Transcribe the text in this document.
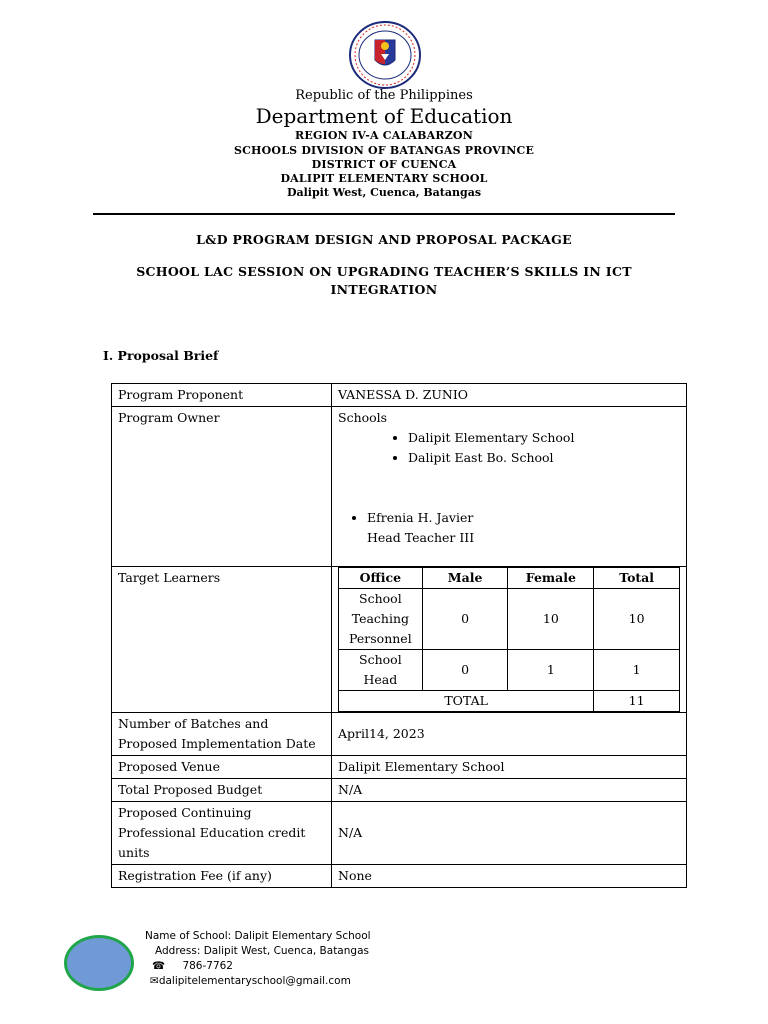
Republic of the Philippines
Department of Education
REGION IV-A CALABARZON
SCHOOLS DIVISION OF BATANGAS PROVINCE
DISTRICT OF CUENCA
DALIPIT ELEMENTARY SCHOOL
Dalipit West, Cuenca, Batangas
L&D PROGRAM DESIGN AND PROPOSAL PACKAGE
SCHOOL LAC SESSION ON UPGRADING TEACHER’S SKILLS IN ICT
INTEGRATION
I. Proposal Brief
Program Proponent	VANESSA D. ZUNIO
Program Owner	Schools
• Dalipit Elementary School
• Dalipit East Bo. School
• Efrenia H. Javier
Head Teacher III

Target Learners		Office	Male	Female	Total
School Teaching Personnel	0	10	10
School Head	0	1	1
TOTAL	11

Number of Batches and Proposed Implementation Date	April14, 2023
Proposed Venue	Dalipit Elementary School
Total Proposed Budget	N/A
Proposed Continuing Professional Education credit units	N/A
Registration Fee (if any)	None
Name of School: Dalipit Elementary School
Address: Dalipit West, Cuenca, Batangas
☎ 786-7762
✉dalipitelementaryschool@gmail.com
